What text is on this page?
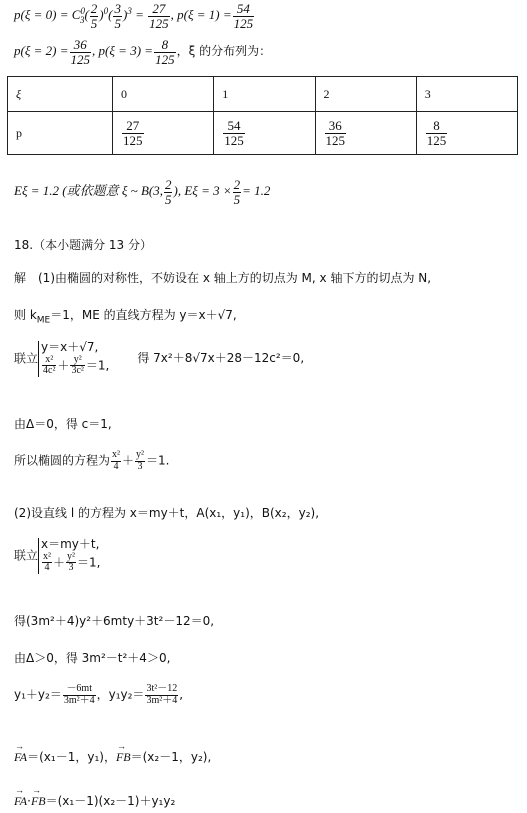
$p(\xi = 0) = C^0_3( \frac{2}{5} )^0( \frac{3}{5} )^3 = \frac{27}{125}$ , $p(\xi = 1) = \frac{54}{125}$
$p(\xi = 2) = \frac{36}{125}$ , $p(\xi = 3) = \frac{8}{125}$ ，ξ 的分布列为：
ξ	0	1	2	3
p	$\frac{27}{125}$	$\frac{54}{125}$	$\frac{36}{125}$	$\frac{8}{125}$
Eξ = 1.2 (或依题意 ξ ~ B(3, $\frac{2}{5}$ ), $E\xi = 3 \times \frac{2}{5} = 1.2$
18.（本小题满分 13 分）
解　(1)由椭圆的对称性，不妨设在 x 轴上方的切点为 M, x 轴下方的切点为 N,
则 $k_{ME}=1$，ME 的直线方程为 y＝x＋√7,
联立
y＝x＋√7,
$\frac{\text{x²}}{\text{4c²}} + \frac{\text{y²}}{\text{3c²}} =1$, 得 7x²＋8√7x＋28－12c²＝0,
由Δ＝0，得 c＝1,
所以椭圆的方程为 $\frac{\text{x²}}{4} + \frac{\text{y²}}{3} =1$.
(2)设直线 l 的方程为 x＝my＋t，A(x₁，y₁)，B(x₂，y₂),
联立
x＝my＋t,
$\frac{\text{x²}}{4} + \frac{\text{y²}}{3} =1$,
得(3m²＋4)y²＋6mty＋3t²－12＝0,
由Δ＞0，得 3m²－t²＋4＞0,
$y_1+y_2= \frac{-6mt}{\text{3m²＋4}}$ ，$y_1y_2= \frac{\text{3t²－12}}{\text{3m²＋4}}$ ,
→ FA＝(x₁－1，y₁)，→ FB＝(x₂－1，y₂),
→ FA·→ FB＝(x₁－1)(x₂－1)＋y₁y₂
